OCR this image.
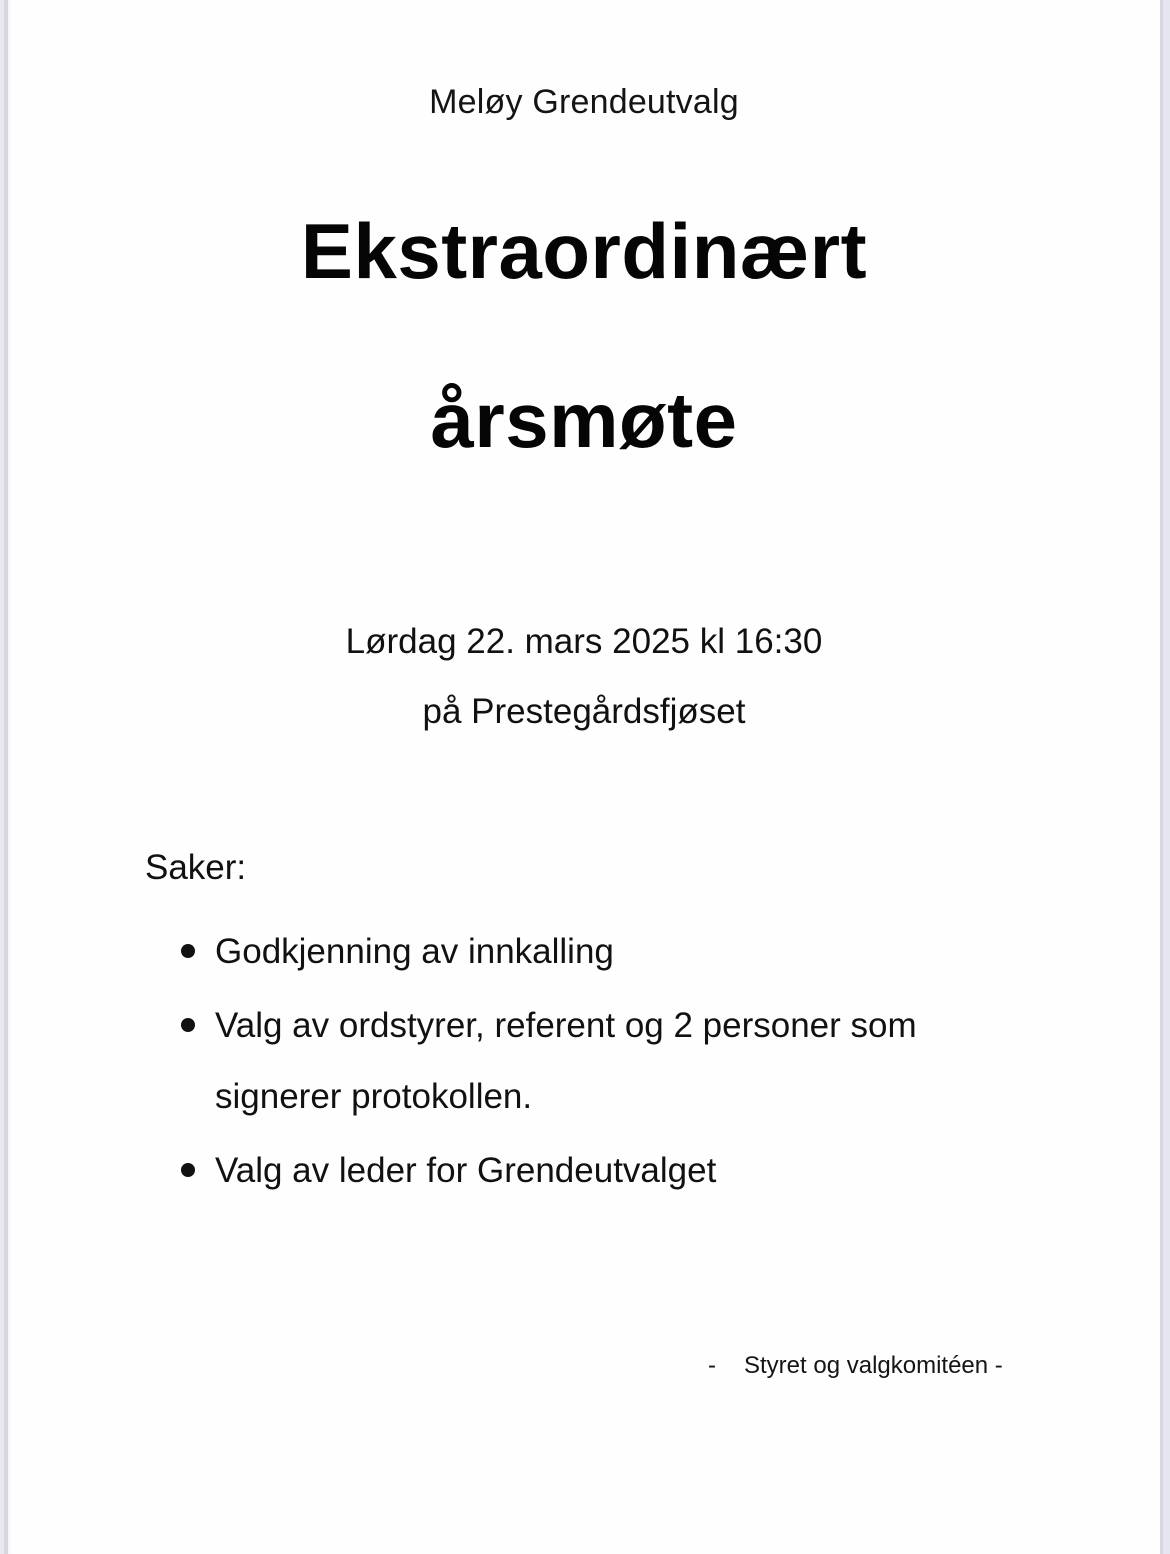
Meløy Grendeutvalg
Ekstraordinært
årsmøte
Lørdag 22. mars 2025 kl 16:30
på Prestegårdsfjøset
Saker:
Godkjenning av innkalling
Valg av ordstyrer, referent og 2 personer som signerer protokollen.
Valg av leder for Grendeutvalget
- Styret og valgkomitéen -
